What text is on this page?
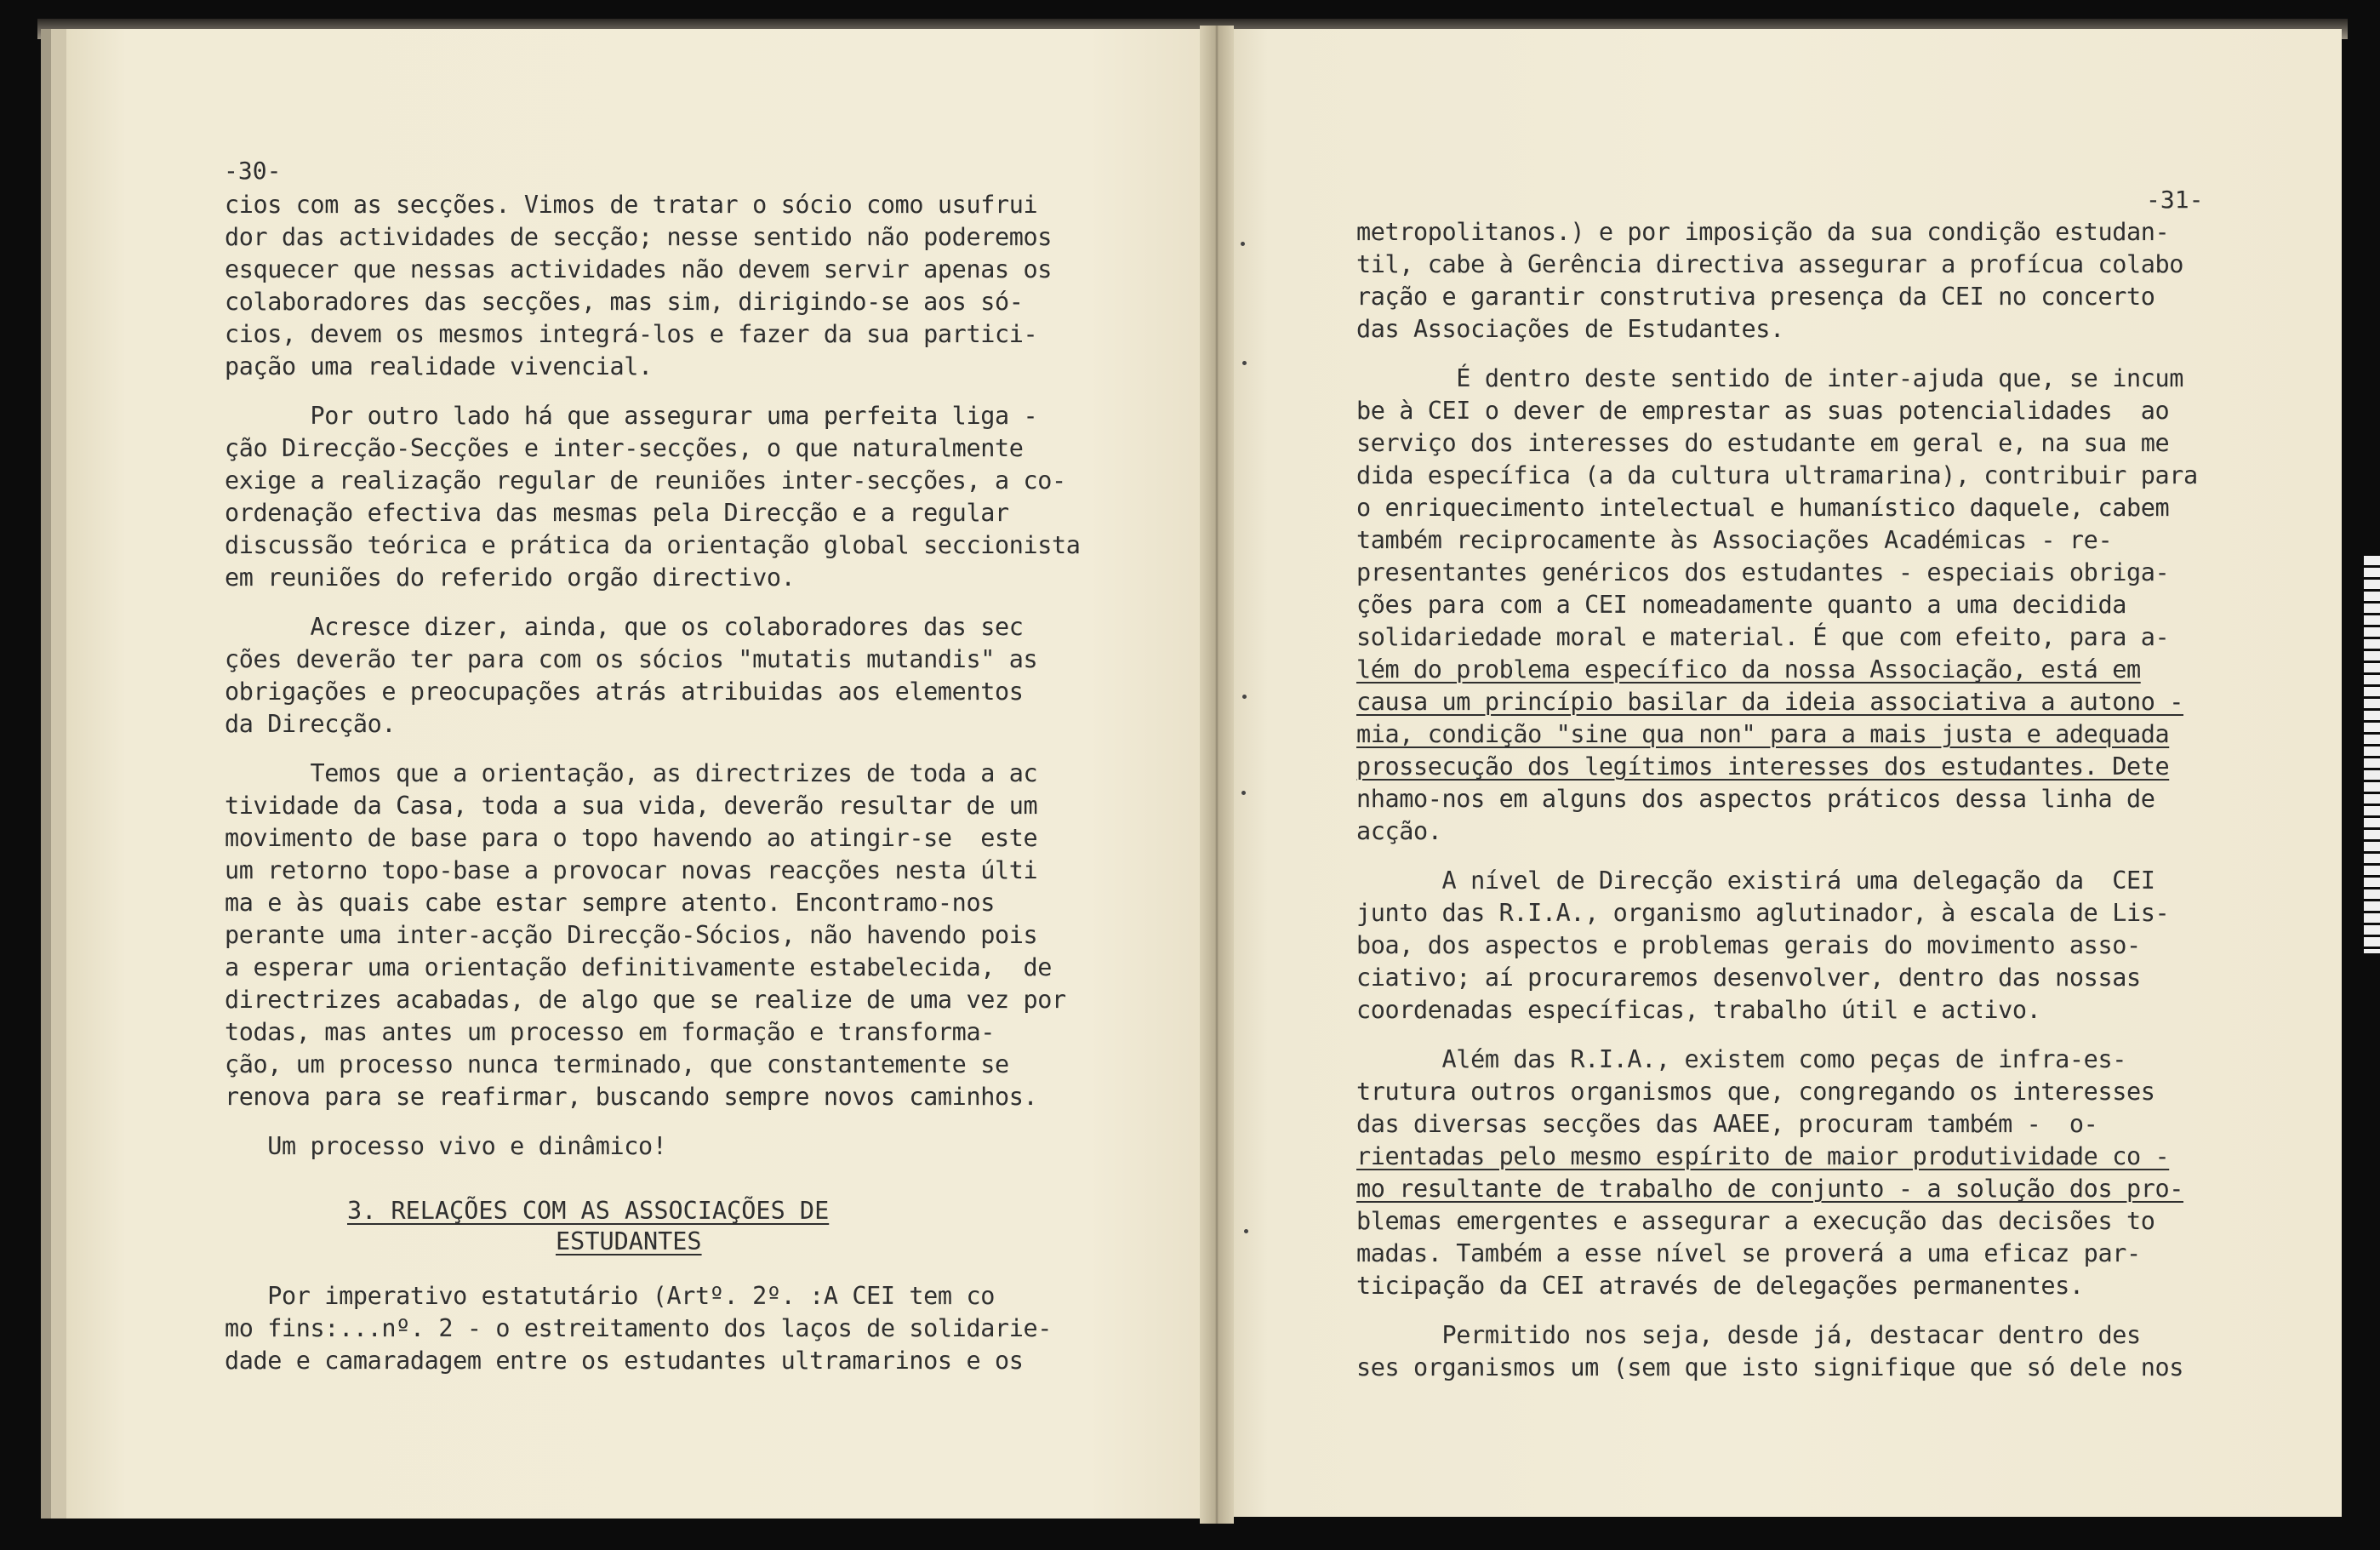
-30-
cios com as secções. Vimos de tratar o sócio como usufrui
dor das actividades de secção; nesse sentido não poderemos
esquecer que nessas actividades não devem servir apenas os
colaboradores das secções, mas sim, dirigindo-se aos só-
cios, devem os mesmos integrá-los e fazer da sua partici-
pação uma realidade vivencial.
Por outro lado há que assegurar uma perfeita liga -
ção Direcção-Secções e inter-secções, o que naturalmente
exige a realização regular de reuniões inter-secções, a co-
ordenação efectiva das mesmas pela Direcção e a regular
discussão teórica e prática da orientação global seccionista
em reuniões do referido orgão directivo.
Acresce dizer, ainda, que os colaboradores das sec
ções deverão ter para com os sócios "mutatis mutandis" as
obrigações e preocupações atrás atribuidas aos elementos
da Direcção.
Temos que a orientação, as directrizes de toda a ac
tividade da Casa, toda a sua vida, deverão resultar de um
movimento de base para o topo havendo ao atingir-se  este
um retorno topo-base a provocar novas reacções nesta últi
ma e às quais cabe estar sempre atento. Encontramo-nos
perante uma inter-acção Direcção-Sócios, não havendo pois
a esperar uma orientação definitivamente estabelecida,  de
directrizes acabadas, de algo que se realize de uma vez por
todas, mas antes um processo em formação e transforma-
ção, um processo nunca terminado, que constantemente se
renova para se reafirmar, buscando sempre novos caminhos.
Um processo vivo e dinâmico!
3. RELAÇÕES COM AS ASSOCIAÇÕES DE
ESTUDANTES
Por imperativo estatutário (Artº. 2º. :A CEI tem co
mo fins:...nº. 2 - o estreitamento dos laços de solidarie-
dade e camaradagem entre os estudantes ultramarinos e os
-31-
metropolitanos.) e por imposição da sua condição estudan-
til, cabe à Gerência directiva assegurar a profícua colabo
ração e garantir construtiva presença da CEI no concerto
das Associações de Estudantes.
É dentro deste sentido de inter-ajuda que, se incum
be à CEI o dever de emprestar as suas potencialidades  ao
serviço dos interesses do estudante em geral e, na sua me
dida específica (a da cultura ultramarina), contribuir para
o enriquecimento intelectual e humanístico daquele, cabem
também reciprocamente às Associações Académicas - re-
presentantes genéricos dos estudantes - especiais obriga-
ções para com a CEI nomeadamente quanto a uma decidida
solidariedade moral e material. É que com efeito, para a-
lém do problema específico da nossa Associação, está em
causa um princípio basilar da ideia associativa a autono -
mia, condição "sine qua non" para a mais justa e adequada
prossecução dos legítimos interesses dos estudantes. Dete
nhamo-nos em alguns dos aspectos práticos dessa linha de
acção.
A nível de Direcção existirá uma delegação da  CEI
junto das R.I.A., organismo aglutinador, à escala de Lis-
boa, dos aspectos e problemas gerais do movimento asso-
ciativo; aí procuraremos desenvolver, dentro das nossas
coordenadas específicas, trabalho útil e activo.
Além das R.I.A., existem como peças de infra-es-
trutura outros organismos que, congregando os interesses
das diversas secções das AAEE, procuram também -  o-
rientadas pelo mesmo espírito de maior produtividade co -
mo resultante de trabalho de conjunto - a solução dos pro-
blemas emergentes e assegurar a execução das decisões to
madas. Também a esse nível se proverá a uma eficaz par-
ticipação da CEI através de delegações permanentes.
Permitido nos seja, desde já, destacar dentro des
ses organismos um (sem que isto signifique que só dele nos
